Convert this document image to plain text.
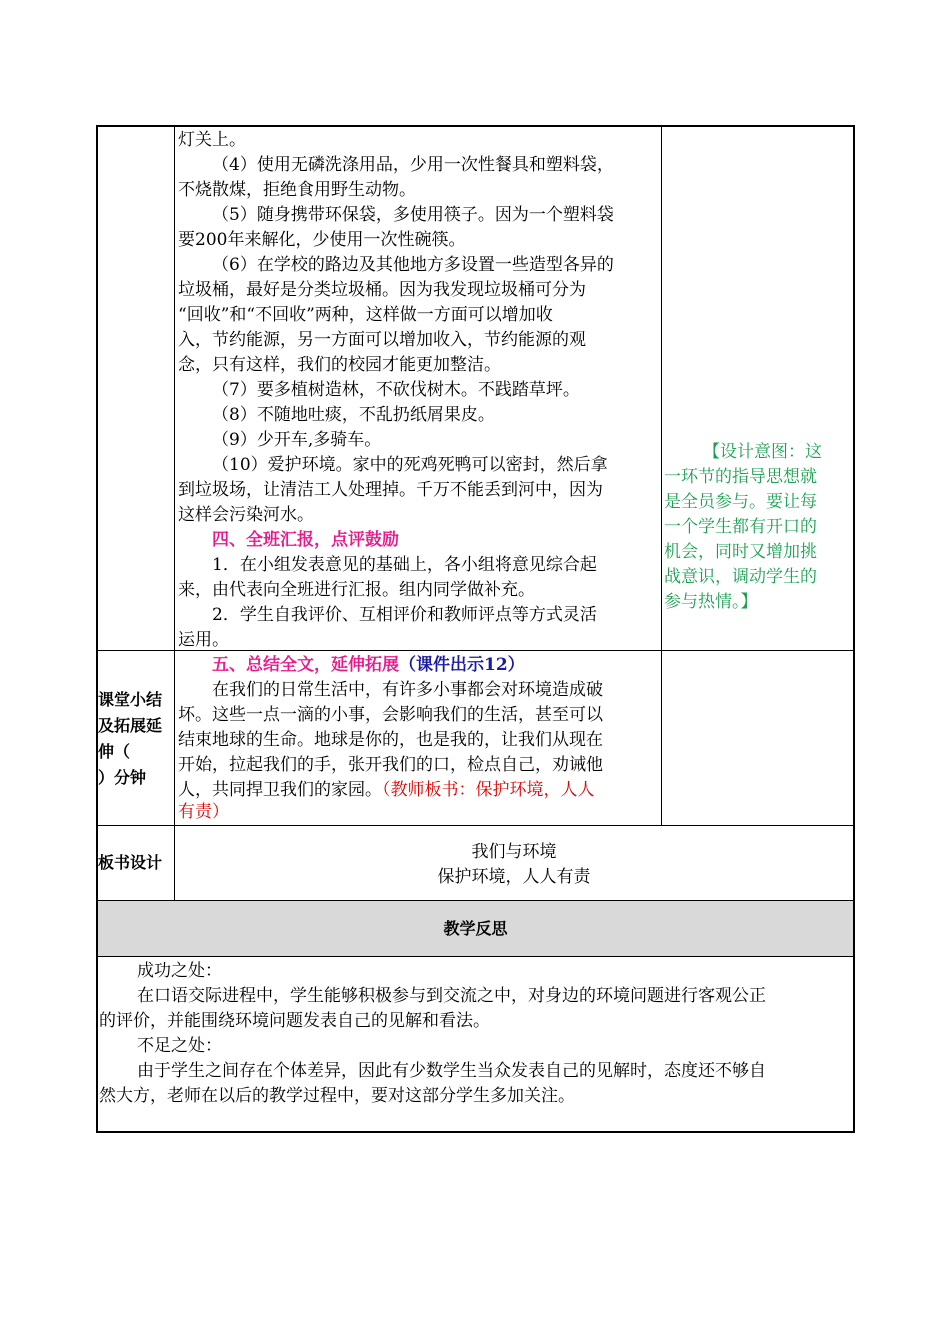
灯关上。
（4）使用无磷洗涤用品，少用一次性餐具和塑料袋，
不烧散煤，拒绝食用野生动物。
（5）随身携带环保袋，多使用筷子。因为一个塑料袋
要200年来解化，少使用一次性碗筷。
（6）在学校的路边及其他地方多设置一些造型各异的
垃圾桶，最好是分类垃圾桶。因为我发现垃圾桶可分为
“回收”和“不回收”两种，这样做一方面可以增加收
入，节约能源，另一方面可以增加收入，节约能源的观
念，只有这样，我们的校园才能更加整洁。
（7）要多植树造林，不砍伐树木。不践踏草坪。
（8）不随地吐痰，不乱扔纸屑果皮。
（9）少开车,多骑车。
（10）爱护环境。家中的死鸡死鸭可以密封，然后拿
到垃圾场，让清洁工人处理掉。千万不能丢到河中，因为
这样会污染河水。
四、全班汇报，点评鼓励
1．在小组发表意见的基础上，各小组将意见综合起
来，由代表向全班进行汇报。组内同学做补充。
2．学生自我评价、互相评价和教师评点等方式灵活
运用。
【设计意图：这
一环节的指导思想就
是全员参与。要让每
一个学生都有开口的
机会，同时又增加挑
战意识，调动学生的
参与热情。】
课堂小结
及拓展延
伸（
）分钟
五、总结全文，延伸拓展（课件出示12）
在我们的日常生活中，有许多小事都会对环境造成破
坏。这些一点一滴的小事，会影响我们的生活，甚至可以
结束地球的生命。地球是你的，也是我的，让我们从现在
开始，拉起我们的手，张开我们的口，检点自己，劝诫他
人，共同捍卫我们的家园。（教师板书：保护环境，人人
有责）
板书设计
我们与环境
保护环境，人人有责
教学反思
成功之处：
在口语交际进程中，学生能够积极参与到交流之中，对身边的环境问题进行客观公正
的评价，并能围绕环境问题发表自己的见解和看法。
不足之处：
由于学生之间存在个体差异，因此有少数学生当众发表自己的见解时，态度还不够自
然大方，老师在以后的教学过程中，要对这部分学生多加关注。
